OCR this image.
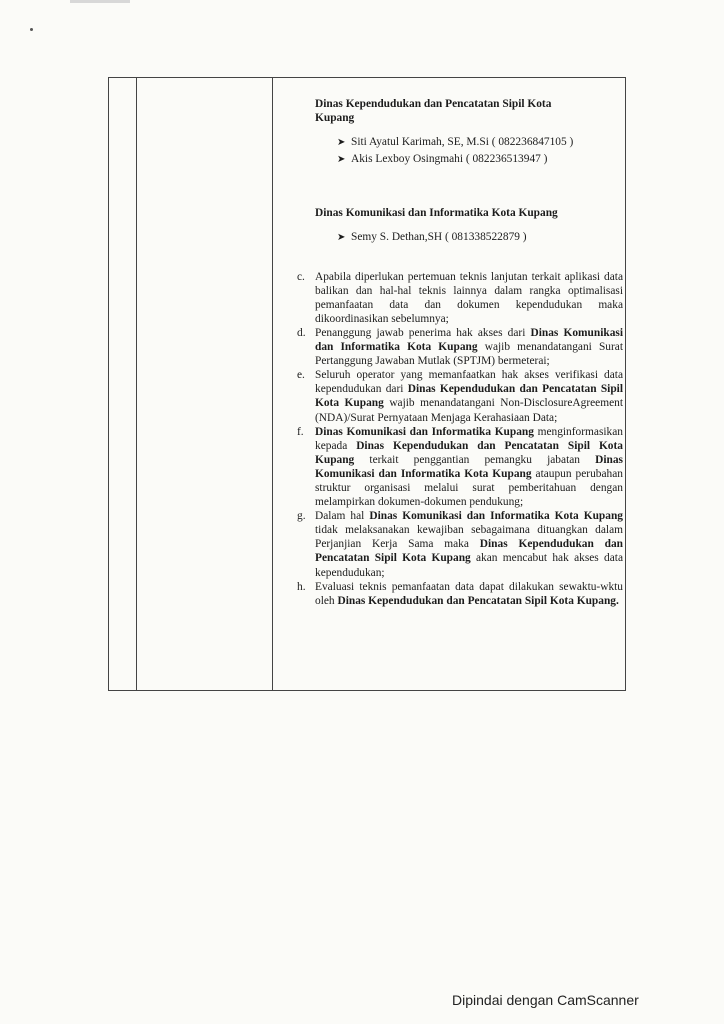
Dinas Kependudukan dan Pencatatan Sipil Kota
Kupang

➤ Siti Ayatul Karimah, SE, M.Si ( 082236847105 )
➤ Akis Lexboy Osingmahi ( 082236513947 )

Dinas Komunikasi dan Informatika Kota Kupang

➤ Semy S. Dethan,SH ( 081338522879 )
c. Apabila diperlukan pertemuan teknis lanjutan terkait aplikasi data balikan dan hal-hal teknis lainnya dalam rangka optimalisasi pemanfaatan data dan dokumen kependudukan maka dikoordinasikan sebelumnya;
d. Penanggung jawab penerima hak akses dari Dinas Komunikasi dan Informatika Kota Kupang wajib menandatangani Surat Pertanggung Jawaban Mutlak (SPTJM) bermeterai;
e. Seluruh operator yang memanfaatkan hak akses verifikasi data kependudukan dari Dinas Kependudukan dan Pencatatan Sipil Kota Kupang wajib menandatangani Non-DisclosureAgreement (NDA)/Surat Pernyataan Menjaga Kerahasiaan Data;
f. Dinas Komunikasi dan Informatika Kupang menginformasikan kepada Dinas Kependudukan dan Pencatatan Sipil Kota Kupang terkait penggantian pemangku jabatan Dinas Komunikasi dan Informatika Kota Kupang ataupun perubahan struktur organisasi melalui surat pemberitahuan dengan melampirkan dokumen-dokumen pendukung;
g. Dalam hal Dinas Komunikasi dan Informatika Kota Kupang tidak melaksanakan kewajiban sebagaimana dituangkan dalam Perjanjian Kerja Sama maka Dinas Kependudukan dan Pencatatan Sipil Kota Kupang akan mencabut hak akses data kependudukan;
h. Evaluasi teknis pemanfaatan data dapat dilakukan sewaktu-wktu oleh Dinas Kependudukan dan Pencatatan Sipil Kota Kupang.
Dipindai dengan CamScanner
